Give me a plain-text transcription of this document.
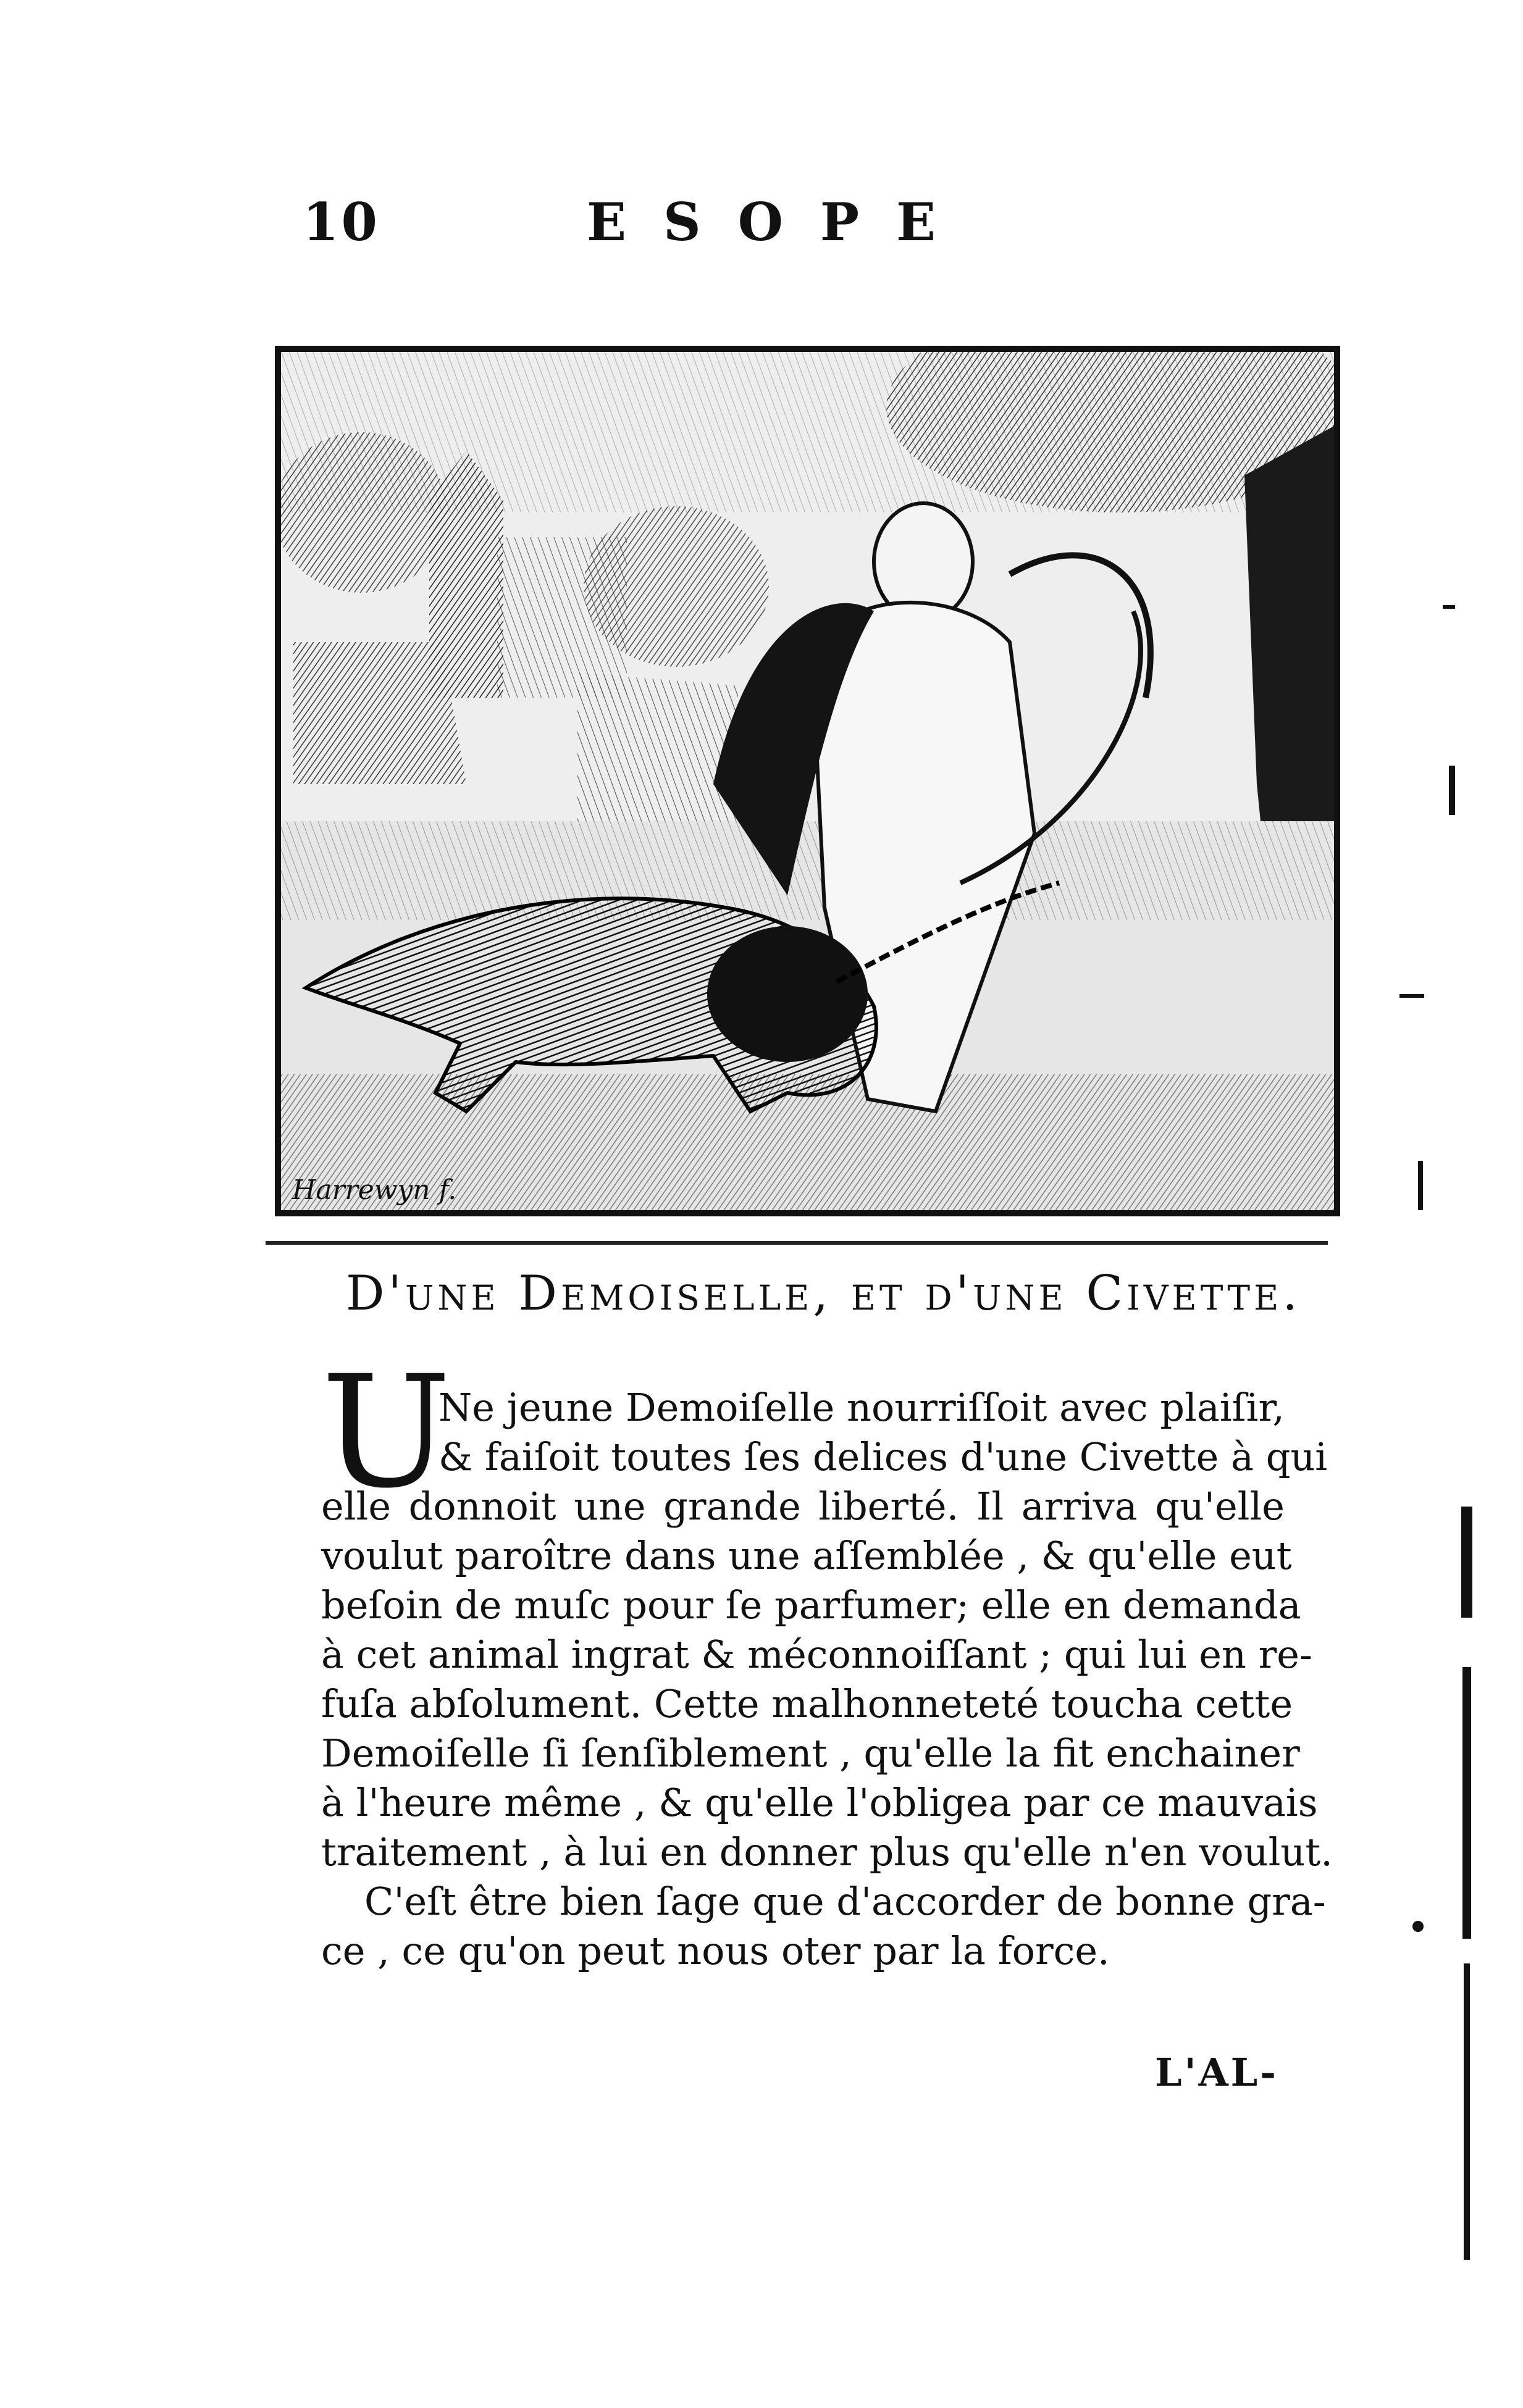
10	ESOPE
Harrewyn f.
D'une Demoiselle, et d'une Civette.
U
Ne jeune Demoiſelle nourriſſoit avec plaiſir,
& faiſoit toutes ſes delices d'une Civette à qui
elle donnoit une grande liberté. Il arriva qu'elle
voulut paroître dans une aſſemblée , & qu'elle eut
beſoin de muſc pour ſe parfumer; elle en demanda
à cet animal ingrat & méconnoiſſant ; qui lui en re-
fuſa abſolument. Cette malhonneteté toucha cette
Demoiſelle ſi ſenſiblement , qu'elle la fit enchainer
à l'heure même , & qu'elle l'obligea par ce mauvais
traitement , à lui en donner plus qu'elle n'en voulut.
C'eſt être bien ſage que d'accorder de bonne gra-
ce , ce qu'on peut nous oter par la force.
L'AL-
